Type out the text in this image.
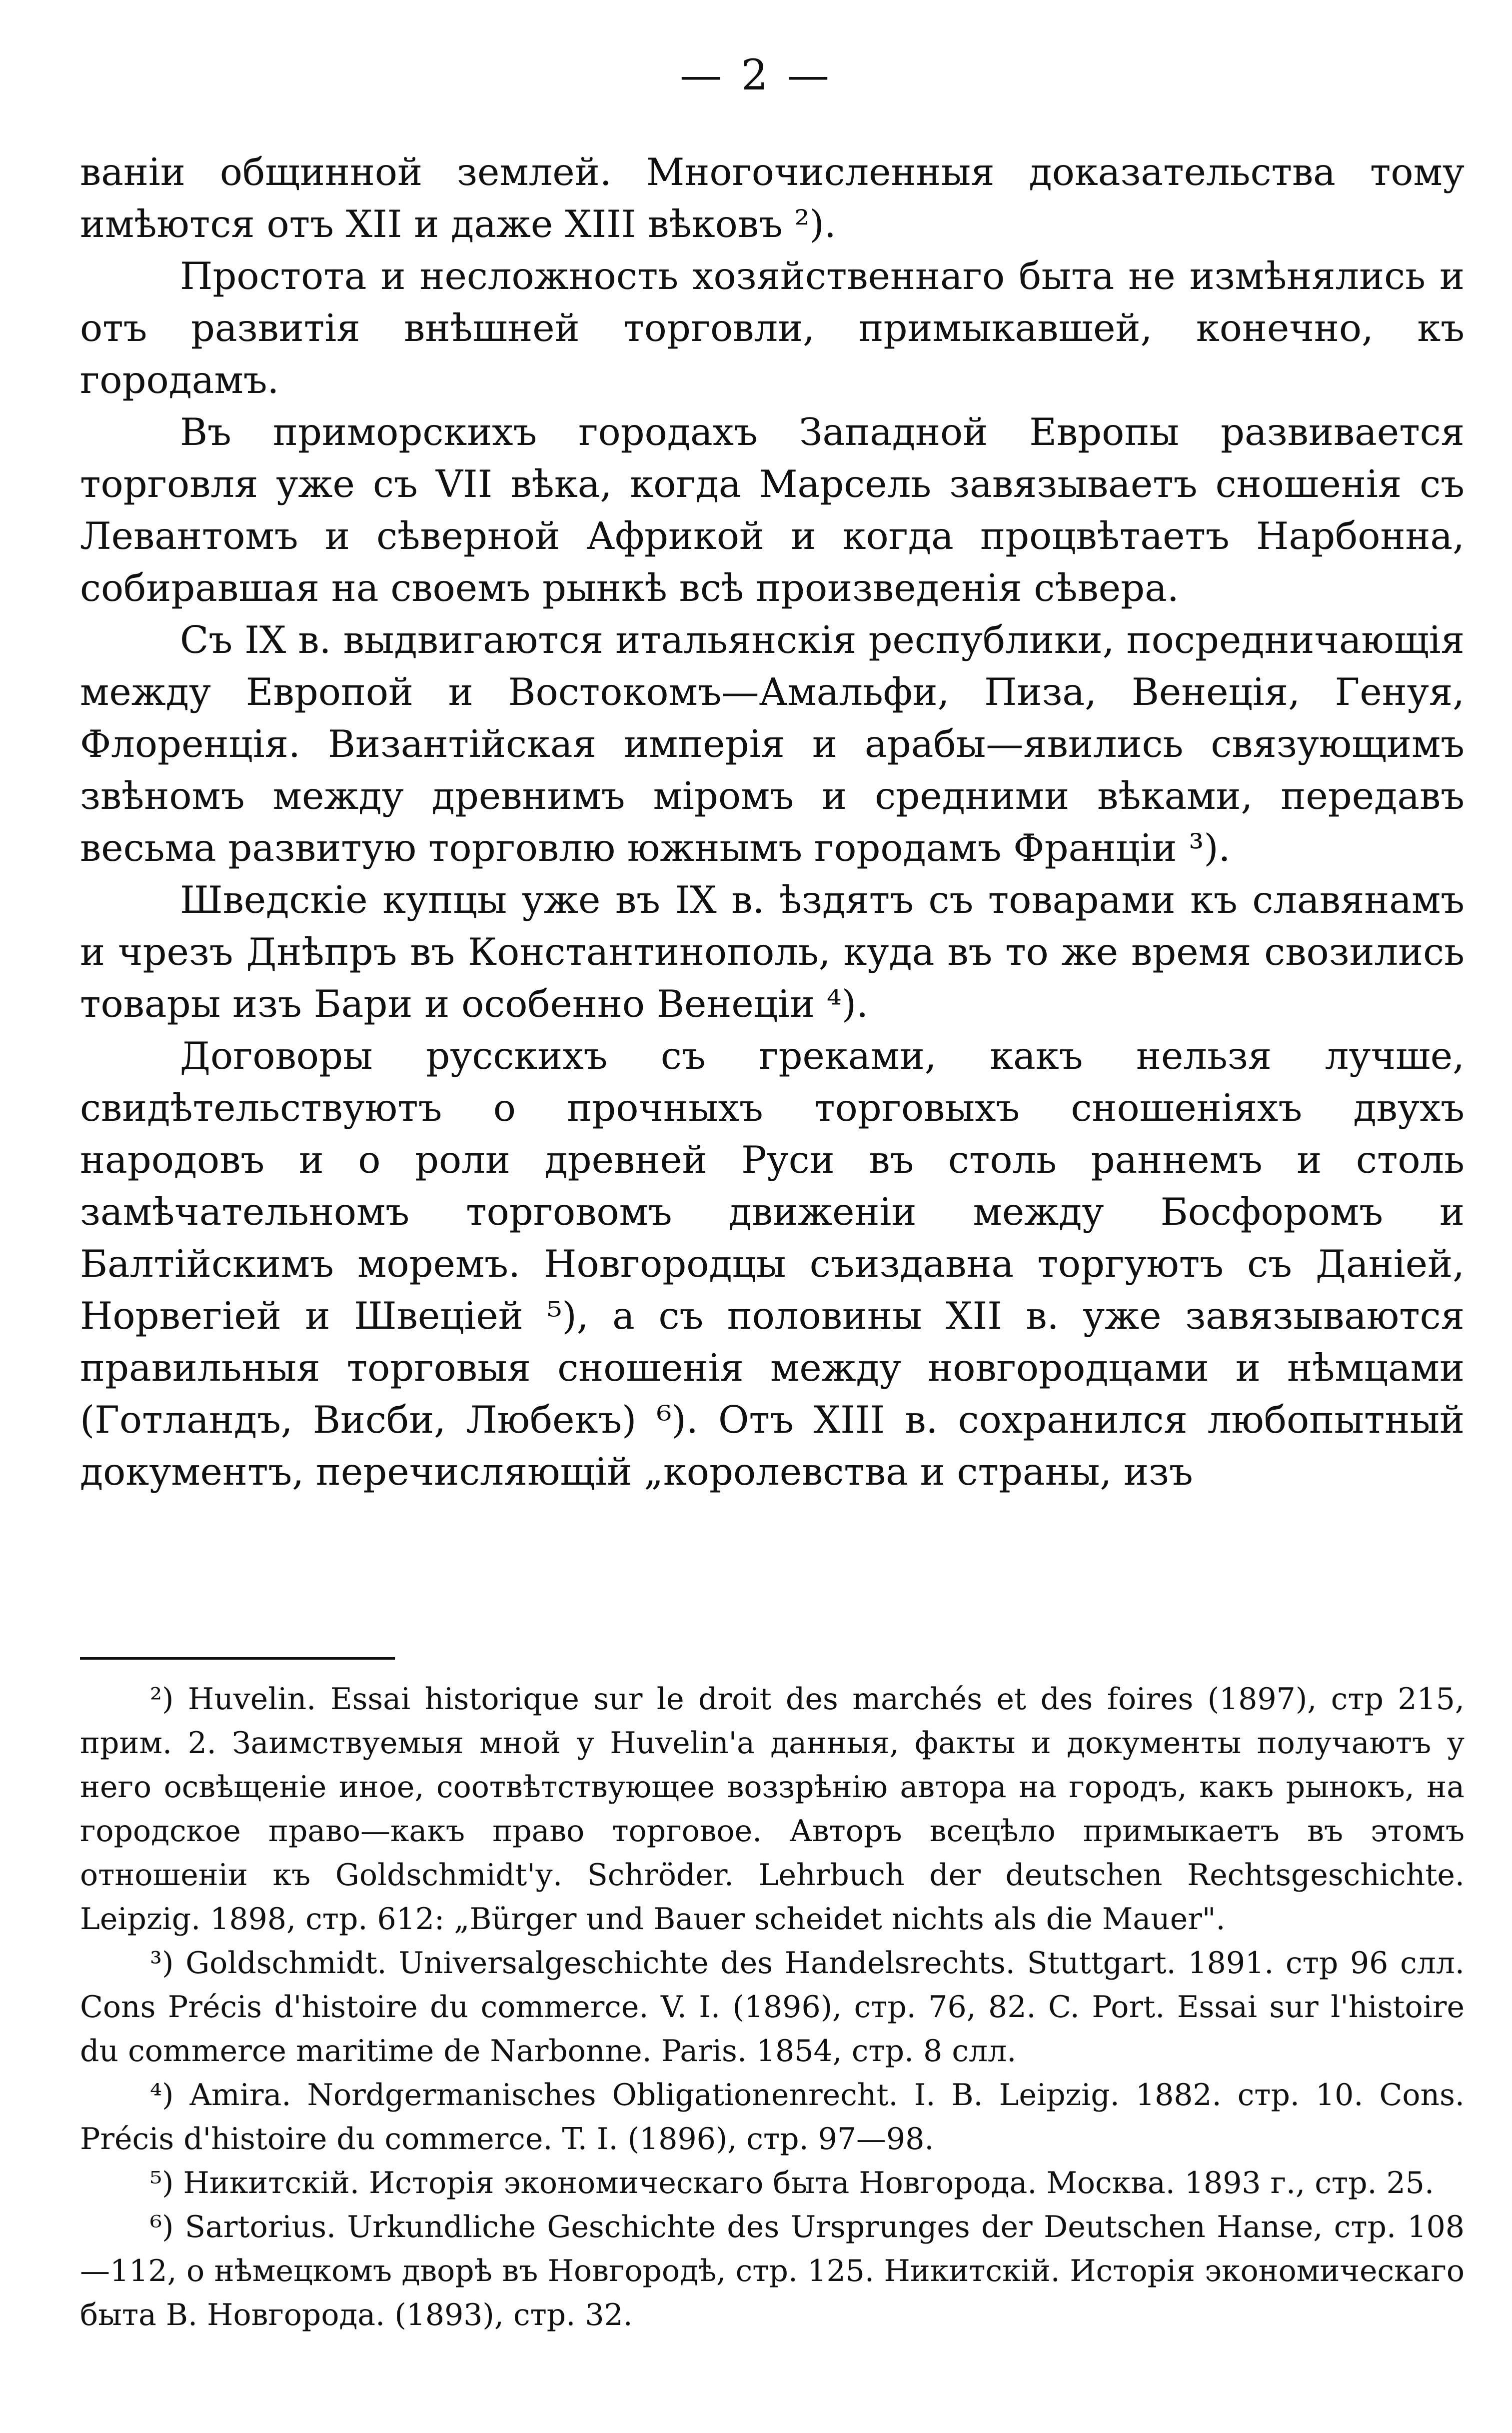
— 2 —

ваніи общинной землей. Многочисленныя доказательства тому имѣются отъ XII и даже XIII вѣковъ ²).

Простота и несложность хозяйственнаго быта не измѣнялись и отъ развитія внѣшней торговли, примыкавшей, конечно, къ городамъ.

Въ приморскихъ городахъ Западной Европы развивается торговля уже съ VII вѣка, когда Марсель завязываетъ сношенія съ Левантомъ и сѣверной Африкой и когда процвѣтаетъ Нарбонна, собиравшая на своемъ рынкѣ всѣ произведенія сѣвера.

Съ IX в. выдвигаются итальянскія республики, посредничающія между Европой и Востокомъ—Амальфи, Пиза, Венеція, Генуя, Флоренція. Византійская имперія и арабы—явились связующимъ звѣномъ между древнимъ міромъ и средними вѣками, передавъ весьма развитую торговлю южнымъ городамъ Франціи ³).

Шведскіе купцы уже въ IX в. ѣздятъ съ товарами къ славянамъ и чрезъ Днѣпръ въ Константинополь, куда въ то же время свозились товары изъ Бари и особенно Венеціи ⁴).

Договоры русскихъ съ греками, какъ нельзя лучше, свидѣтельствуютъ о прочныхъ торговыхъ сношеніяхъ двухъ народовъ и о роли древней Руси въ столь раннемъ и столь замѣчательномъ торговомъ движеніи между Босфоромъ и Балтійскимъ моремъ. Новгородцы съиздавна торгуютъ съ Даніей, Норвегіей и Швеціей ⁵), а съ половины XII в. уже завязываются правильныя торговыя сношенія между новгородцами и нѣмцами (Готландъ, Висби, Любекъ) ⁶). Отъ XIII в. сохранился любопытный документъ, перечисляющій „королевства и страны, изъ

²) Huvelin. Essai historique sur le droit des marchés et des foires (1897), стр 215, прим. 2. Заимствуемыя мной у Huvelin'а данныя, факты и документы получаютъ у него освѣщеніе иное, соотвѣтствующее воззрѣнію автора на городъ, какъ рынокъ, на городское право—какъ право торговое. Авторъ всецѣло примыкаетъ въ этомъ отношеніи къ Goldschmidt'у. Schröder. Lehrbuch der deutschen Rechtsgeschichte. Leipzig. 1898, стр. 612: „Bürger und Bauer scheidet nichts als die Mauer".

³) Goldschmidt. Universalgeschichte des Handelsrechts. Stuttgart. 1891. стр 96 слл. Cons Précis d'histoire du commerce. V. I. (1896), стр. 76, 82. C. Port. Essai sur l'histoire du commerce maritime de Narbonne. Paris. 1854, стр. 8 слл.

⁴) Amira. Nordgermanisches Obligationenrecht. I. B. Leipzig. 1882. стр. 10. Cons. Précis d'histoire du commerce. T. I. (1896), стр. 97—98.

⁵) Никитскій. Исторія экономическаго быта Новгорода. Москва. 1893 г., стр. 25.

⁶) Sartorius. Urkundliche Geschichte des Ursprunges der Deutschen Hanse, стр. 108—112, о нѣмецкомъ дворѣ въ Новгородѣ, стр. 125. Никитскій. Исторія экономическаго быта В. Новгорода. (1893), стр. 32.
